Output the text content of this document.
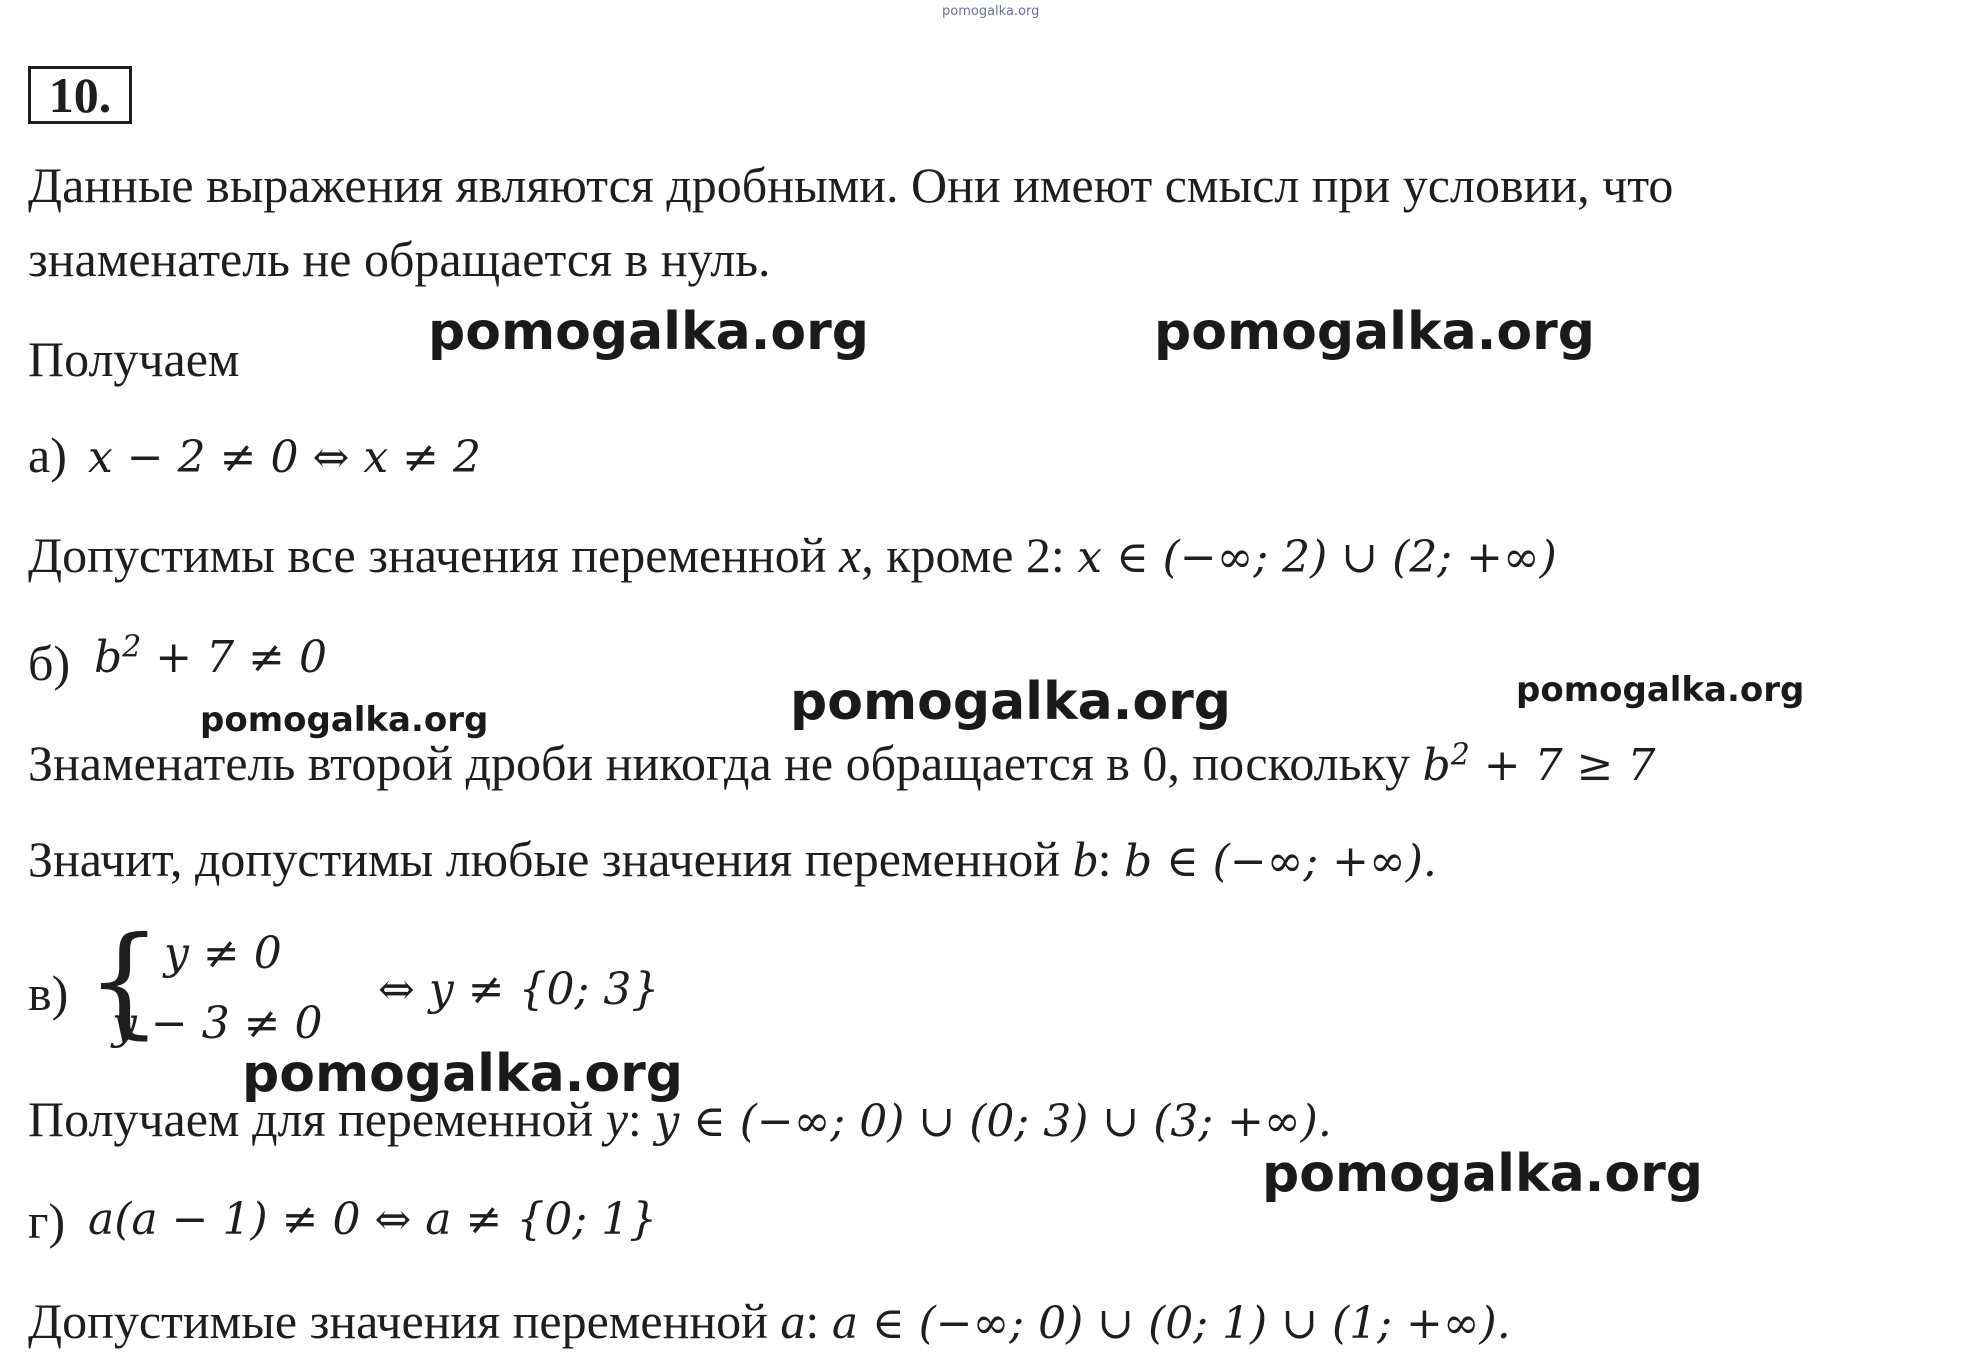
pomogalka.org
10.
Данные выражения являются дробными. Они имеют смысл при условии, что
знаменатель не обращается в нуль.
Получаем	pomogalka.org	pomogalka.org
а) x − 2 ≠ 0 ⇔ x ≠ 2
Допустимы все значения переменной x, кроме 2: x ∈ (−∞; 2) ∪ (2; +∞)
б) $b^2 + 7 \ne 0$
pomogalka.org	pomogalka.org	pomogalka.org
Знаменатель второй дроби никогда не обращается в 0, поскольку $b^2 + 7 \ge 7$
Значит, допустимы любые значения переменной b: b ∈ (−∞; +∞).
в) { y ≠ 0
y − 3 ≠ 0
⇔ y ≠ {0; 3}
pomogalka.org
Получаем для переменной y: y ∈ (−∞; 0) ∪ (0; 3) ∪ (3; +∞).
pomogalka.org
г) a(a − 1) ≠ 0 ⇔ a ≠ {0; 1}
Допустимые значения переменной a: a ∈ (−∞; 0) ∪ (0; 1) ∪ (1; +∞).
